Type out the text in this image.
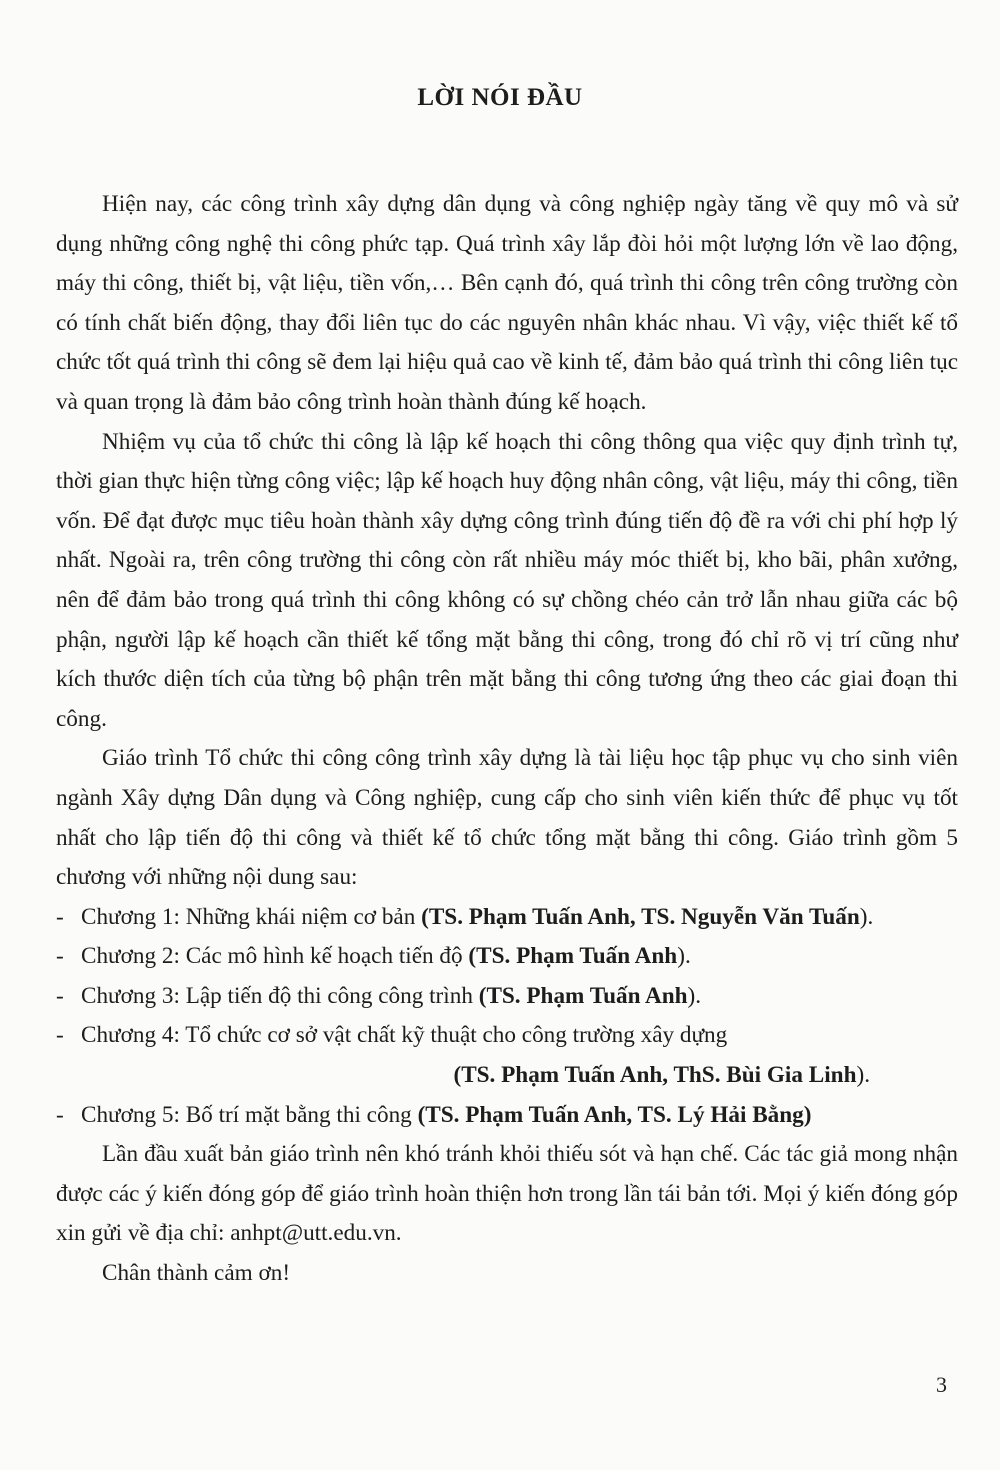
LỜI NÓI ĐẦU

Hiện nay, các công trình xây dựng dân dụng và công nghiệp ngày tăng về quy mô và sử dụng những công nghệ thi công phức tạp. Quá trình xây lắp đòi hỏi một lượng lớn về lao động, máy thi công, thiết bị, vật liệu, tiền vốn,… Bên cạnh đó, quá trình thi công trên công trường còn có tính chất biến động, thay đổi liên tục do các nguyên nhân khác nhau. Vì vậy, việc thiết kế tổ chức tốt quá trình thi công sẽ đem lại hiệu quả cao về kinh tế, đảm bảo quá trình thi công liên tục và quan trọng là đảm bảo công trình hoàn thành đúng kế hoạch.

Nhiệm vụ của tổ chức thi công là lập kế hoạch thi công thông qua việc quy định trình tự, thời gian thực hiện từng công việc; lập kế hoạch huy động nhân công, vật liệu, máy thi công, tiền vốn. Để đạt được mục tiêu hoàn thành xây dựng công trình đúng tiến độ đề ra với chi phí hợp lý nhất. Ngoài ra, trên công trường thi công còn rất nhiều máy móc thiết bị, kho bãi, phân xưởng, nên để đảm bảo trong quá trình thi công không có sự chồng chéo cản trở lẫn nhau giữa các bộ phận, người lập kế hoạch cần thiết kế tổng mặt bằng thi công, trong đó chỉ rõ vị trí cũng như kích thước diện tích của từng bộ phận trên mặt bằng thi công tương ứng theo các giai đoạn thi công.

Giáo trình Tổ chức thi công công trình xây dựng là tài liệu học tập phục vụ cho sinh viên ngành Xây dựng Dân dụng và Công nghiệp, cung cấp cho sinh viên kiến thức để phục vụ tốt nhất cho lập tiến độ thi công và thiết kế tổ chức tổng mặt bằng thi công. Giáo trình gồm 5 chương với những nội dung sau:

- Chương 1: Những khái niệm cơ bản (TS. Phạm Tuấn Anh, TS. Nguyễn Văn Tuấn).

- Chương 2: Các mô hình kế hoạch tiến độ (TS. Phạm Tuấn Anh).

- Chương 3: Lập tiến độ thi công công trình (TS. Phạm Tuấn Anh).

- Chương 4: Tổ chức cơ sở vật chất kỹ thuật cho công trường xây dựng

(TS. Phạm Tuấn Anh, ThS. Bùi Gia Linh).

- Chương 5: Bố trí mặt bằng thi công (TS. Phạm Tuấn Anh, TS. Lý Hải Bằng)

Lần đầu xuất bản giáo trình nên khó tránh khỏi thiếu sót và hạn chế. Các tác giả mong nhận được các ý kiến đóng góp để giáo trình hoàn thiện hơn trong lần tái bản tới. Mọi ý kiến đóng góp xin gửi về địa chỉ: anhpt@utt.edu.vn.

Chân thành cảm ơn!

3
